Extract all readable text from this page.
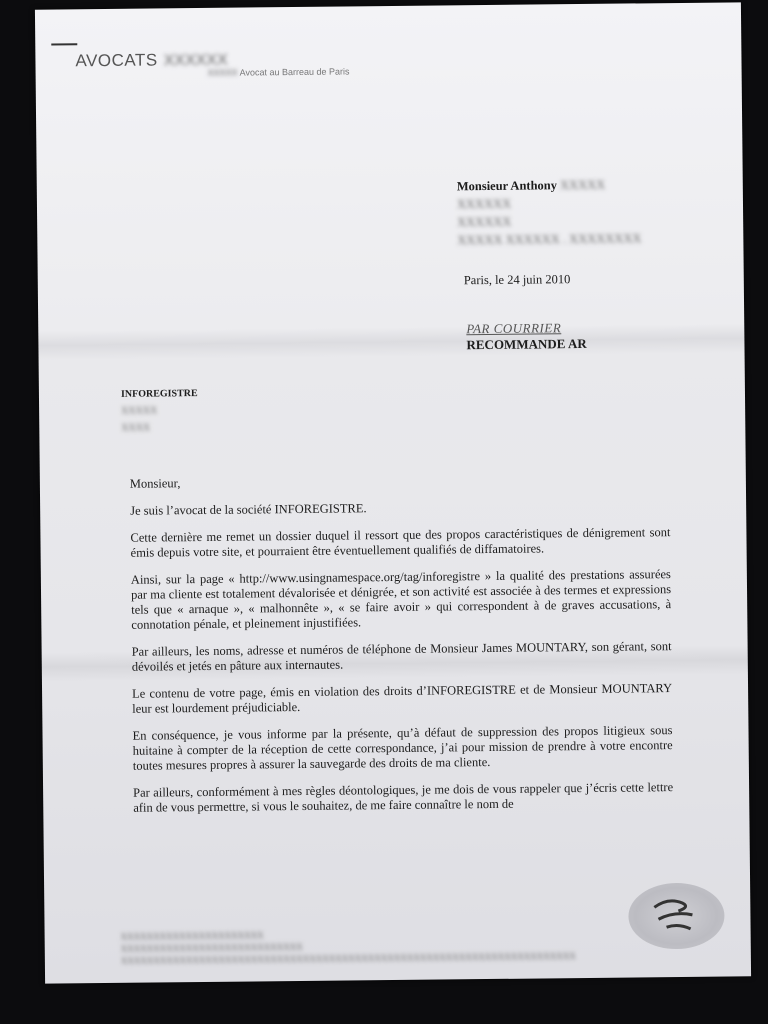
AVOCATS XXXXXX
XXXXX Avocat au Barreau de Paris
Monsieur Anthony XXXXX
XXXXXX
XXXXXX
XXXXX XXXXXX . XXXXXXXX
Paris, le 24 juin 2010
PAR COURRIER
RECOMMANDE AR
INFOREGISTRE
XXXXX
XXXX

Monsieur,

Je suis l’avocat de la société INFOREGISTRE.

Cette dernière me remet un dossier duquel il ressort que des propos caractéristiques de dénigrement sont émis depuis votre site, et pourraient être éventuellement qualifiés de diffamatoires.

Ainsi, sur la page « http://www.usingnamespace.org/tag/inforegistre » la qualité des prestations assurées par ma cliente est totalement dévalorisée et dénigrée, et son activité est associée à des termes et expressions tels que « arnaque », « malhonnête », « se faire avoir » qui correspondent à de graves accusations, à connotation pénale, et pleinement injustifiées.

Par ailleurs, les noms, adresse et numéros de téléphone de Monsieur James MOUNTARY, son gérant, sont dévoilés et jetés en pâture aux internautes.

Le contenu de votre page, émis en violation des droits d’INFOREGISTRE et de Monsieur MOUNTARY leur est lourdement préjudiciable.

En conséquence, je vous informe par la présente, qu’à défaut de suppression des propos litigieux sous huitaine à compter de la réception de cette correspondance, j’ai pour mission de prendre à votre encontre toutes mesures propres à assurer la sauvegarde des droits de ma cliente.

Par ailleurs, conformément à mes règles déontologiques, je me dois de vous rappeler que j’écris cette lettre afin de vous permettre, si vous le souhaitez, de me faire connaître le nom de

XXXXXXXXXXXXXXXXXXXXXX
XXXXXXXXXXXXXXXXXXXXXXXXXXXX
XXXXXXXXXXXXXXXXXXXXXXXXXXXXXXXXXXXXXXXXXXXXXXXXXXXXXXXXXXXXXXXXXXXXXX
